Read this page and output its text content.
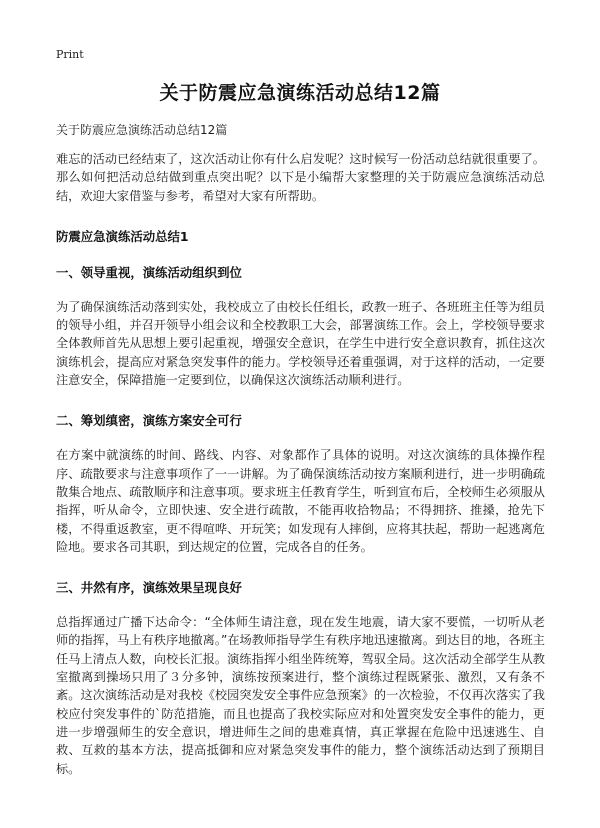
Print
关于防震应急演练活动总结12篇

关于防震应急演练活动总结12篇

难忘的活动已经结束了，这次活动让你有什么启发呢？这时候写一份活动总结就很重要了。那么如何把活动总结做到重点突出呢？以下是小编帮大家整理的关于防震应急演练活动总结，欢迎大家借鉴与参考，希望对大家有所帮助。

防震应急演练活动总结1
一、领导重视，演练活动组织到位

为了确保演练活动落到实处，我校成立了由校长任组长，政教一班子、各班班主任等为组员的领导小组，并召开领导小组会议和全校教职工大会，部署演练工作。会上，学校领导要求全体教师首先从思想上要引起重视，增强安全意识，在学生中进行安全意识教育，抓住这次演练机会，提高应对紧急突发事件的能力。学校领导还着重强调，对于这样的活动，一定要注意安全，保障措施一定要到位，以确保这次演练活动顺利进行。

二、筹划缜密，演练方案安全可行

在方案中就演练的时间、路线、内容、对象都作了具体的说明。对这次演练的具体操作程序、疏散要求与注意事项作了一一讲解。为了确保演练活动按方案顺利进行，进一步明确疏散集合地点、疏散顺序和注意事项。要求班主任教育学生，听到宣布后，全校师生必须服从指挥，听从命令，立即快速、安全进行疏散，不能再收拾物品；不得拥挤、推搡，抢先下楼，不得重返教室，更不得喧哗、开玩笑；如发现有人摔倒，应将其扶起，帮助一起逃离危险地。要求各司其职，到达规定的位置，完成各自的任务。

三、井然有序，演练效果呈现良好

总指挥通过广播下达命令：“全体师生请注意，现在发生地震，请大家不要慌，一切听从老师的指挥，马上有秩序地撤离。”在场教师指导学生有秩序地迅速撤离。到达目的地，各班主任马上清点人数，向校长汇报。演练指挥小组坐阵统筹，驾驭全局。这次活动全部学生从教室撤离到操场只用了３分多钟，演练按预案进行，整个演练过程既紧张、激烈，又有条不紊。这次演练活动是对我校《校园突发安全事件应急预案》的一次检验，不仅再次落实了我校应付突发事件的`防范措施，而且也提高了我校实际应对和处置突发安全事件的能力，更进一步增强师生的安全意识，增进师生之间的患难真情，真正掌握在危险中迅速逃生、自救、互救的基本方法，提高抵御和应对紧急突发事件的能力，整个演练活动达到了预期目标。
